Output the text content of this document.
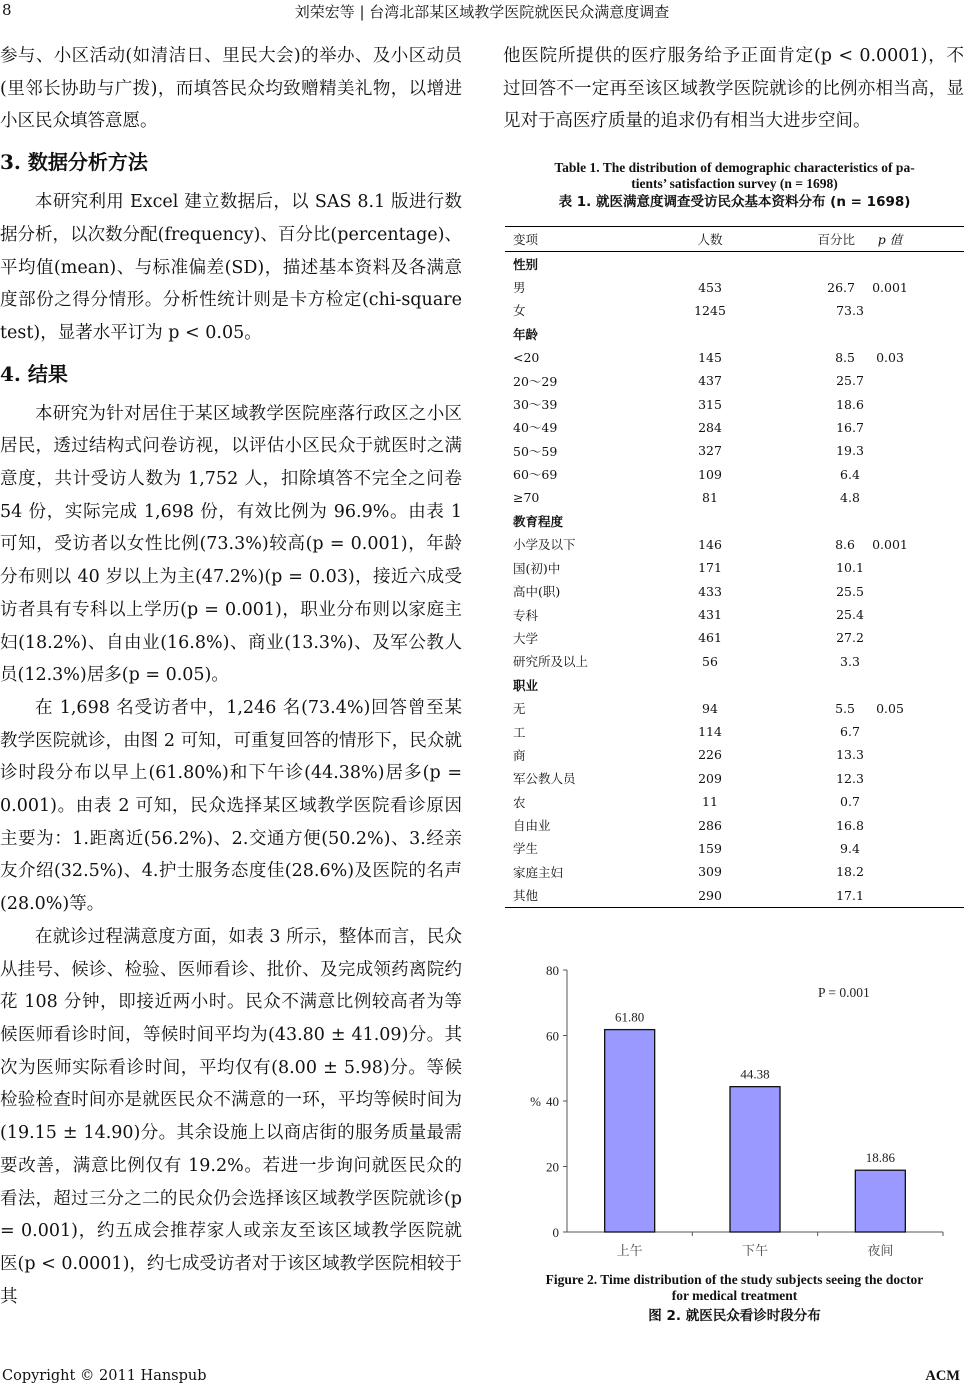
8	刘荣宏等 | 台湾北部某区域教学医院就医民众满意度调查

参与、小区活动(如清洁日、里民大会)的举办、及小区动员(里邻长协助与广拨)，而填答民众均致赠精美礼物，以增进小区民众填答意愿。

3. 数据分析方法

本研究利用 Excel 建立数据后，以 SAS 8.1 版进行数据分析，以次数分配(frequency)、百分比(percentage)、平均值(mean)、与标准偏差(SD)，描述基本资料及各满意度部份之得分情形。分析性统计则是卡方检定(chi-square test)，显著水平订为 p < 0.05。

4. 结果

本研究为针对居住于某区域教学医院座落行政区之小区居民，透过结构式问卷访视，以评估小区民众于就医时之满意度，共计受访人数为 1,752 人，扣除填答不完全之问卷 54 份，实际完成 1,698 份，有效比例为 96.9%。由表 1 可知，受访者以女性比例(73.3%)较高(p = 0.001)，年龄分布则以 40 岁以上为主(47.2%)(p = 0.03)，接近六成受访者具有专科以上学历(p = 0.001)，职业分布则以家庭主妇(18.2%)、自由业(16.8%)、商业(13.3%)、及军公教人员(12.3%)居多(p = 0.05)。

在 1,698 名受访者中，1,246 名(73.4%)回答曾至某教学医院就诊，由图 2 可知，可重复回答的情形下，民众就诊时段分布以早上(61.80%)和下午诊(44.38%)居多(p = 0.001)。由表 2 可知，民众选择某区域教学医院看诊原因主要为：1.距离近(56.2%)、2.交通方便(50.2%)、3.经亲友介绍(32.5%)、4.护士服务态度佳(28.6%)及医院的名声(28.0%)等。

在就诊过程满意度方面，如表 3 所示，整体而言，民众从挂号、候诊、检验、医师看诊、批价、及完成领药离院约花 108 分钟，即接近两小时。民众不满意比例较高者为等候医师看诊时间，等候时间平均为(43.80 ± 41.09)分。其次为医师实际看诊时间，平均仅有(8.00 ± 5.98)分。等候检验检查时间亦是就医民众不满意的一环，平均等候时间为(19.15 ± 14.90)分。其余设施上以商店街的服务质量最需要改善，满意比例仅有 19.2%。若进一步询问就医民众的看法，超过三分之二的民众仍会选择该区域教学医院就诊(p = 0.001)，约五成会推荐家人或亲友至该区域教学医院就医(p < 0.0001)，约七成受访者对于该区域教学医院相较于其

他医院所提供的医疗服务给予正面肯定(p < 0.0001)，不过回答不一定再至该区域教学医院就诊的比例亦相当高，显见对于高医疗质量的追求仍有相当大进步空间。

Table 1. The distribution of demographic characteristics of pa-
tients’ satisfaction survey (n = 1698)
表 1. 就医满意度调查受访民众基本资料分布 (n = 1698)
变项	人数	百分比	p 值
性别
男	453	26.7	0.001
女	1245	73.3
年龄
<20	145	8.5	0.03
20～29	437	25.7
30～39	315	18.6
40～49	284	16.7
50～59	327	19.3
60～69	109	6.4
≥70	81	4.8
教育程度
小学及以下	146	8.6	0.001
国(初)中	171	10.1
高中(职)	433	25.5
专科	431	25.4
大学	461	27.2
研究所及以上	56	3.3
职业
无	94	5.5	0.05
工	114	6.7
商	226	13.3
军公教人员	209	12.3
农	11	0.7
自由业	286	16.8
学生	159	9.4
家庭主妇	309	18.2
其他	290	17.1
0
20
40
60
80
%
61.80
上午
44.38
下午
18.86
夜间
P = 0.001
Figure 2. Time distribution of the study subjects seeing the doctor
for medical treatment
图 2. 就医民众看诊时段分布
Copyright © 2011 Hanspub	ACM
